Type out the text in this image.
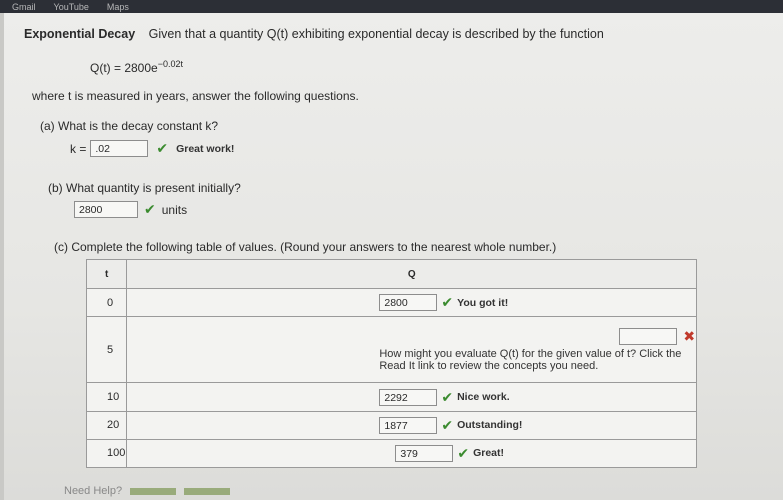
Gmail YouTube Maps
Exponential Decay Given that a quantity Q(t) exhibiting exponential decay is described by the function
$Q(t) = 2800e^{-0.02t}$
where t is measured in years, answer the following questions.
(a) What is the decay constant k?
k = .02	✔ Great work!
(b) What quantity is present initially?
2800	✔ units
(c) Complete the following table of values. (Round your answers to the nearest whole number.)
t	Q
0	2800 ✔ You got it!

5	✖
How might you evaluate Q(t) for the given value of t? Click the Read It link to review the concepts you need.

10	2292 ✔ Nice work.

20	1877 ✔ Outstanding!

100	379 ✔ Great!
Need Help?
